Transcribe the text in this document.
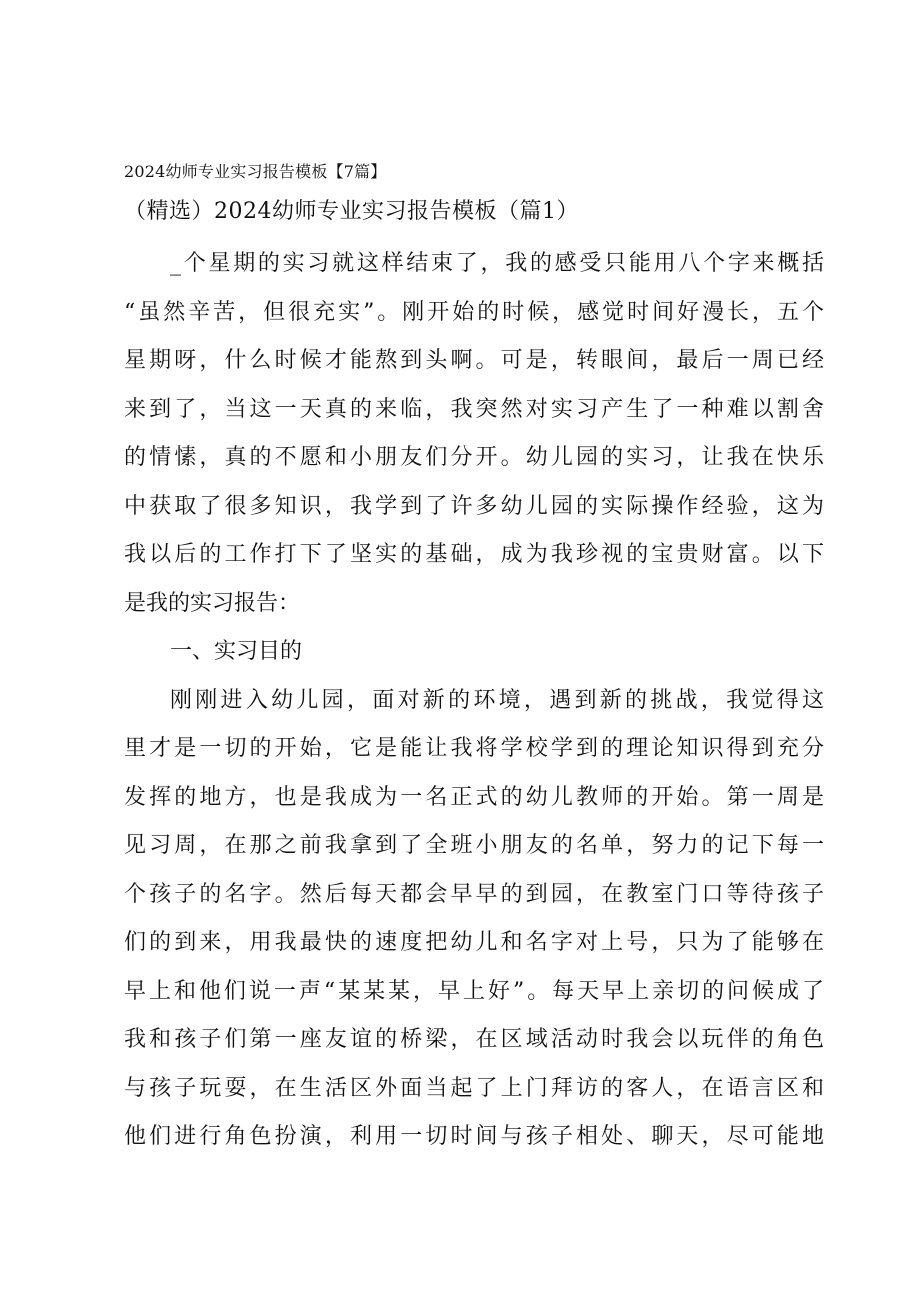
2024幼师专业实习报告模板【7篇】
（精选）2024幼师专业实习报告模板（篇1）
_个星期的实习就这样结束了，我的感受只能用八个字来概括
“虽然辛苦，但很充实”。刚开始的时候，感觉时间好漫长，五个
星期呀，什么时候才能熬到头啊。可是，转眼间，最后一周已经
来到了，当这一天真的来临，我突然对实习产生了一种难以割舍
的情愫，真的不愿和小朋友们分开。幼儿园的实习，让我在快乐
中获取了很多知识，我学到了许多幼儿园的实际操作经验，这为
我以后的工作打下了坚实的基础，成为我珍视的宝贵财富。以下
是我的实习报告：
一、实习目的
刚刚进入幼儿园，面对新的环境，遇到新的挑战，我觉得这
里才是一切的开始，它是能让我将学校学到的理论知识得到充分
发挥的地方，也是我成为一名正式的幼儿教师的开始。第一周是
见习周，在那之前我拿到了全班小朋友的名单，努力的记下每一
个孩子的名字。然后每天都会早早的到园，在教室门口等待孩子
们的到来，用我最快的速度把幼儿和名字对上号，只为了能够在
早上和他们说一声“某某某，早上好”。每天早上亲切的问候成了
我和孩子们第一座友谊的桥梁，在区域活动时我会以玩伴的角色
与孩子玩耍，在生活区外面当起了上门拜访的客人，在语言区和
他们进行角色扮演，利用一切时间与孩子相处、聊天，尽可能地
